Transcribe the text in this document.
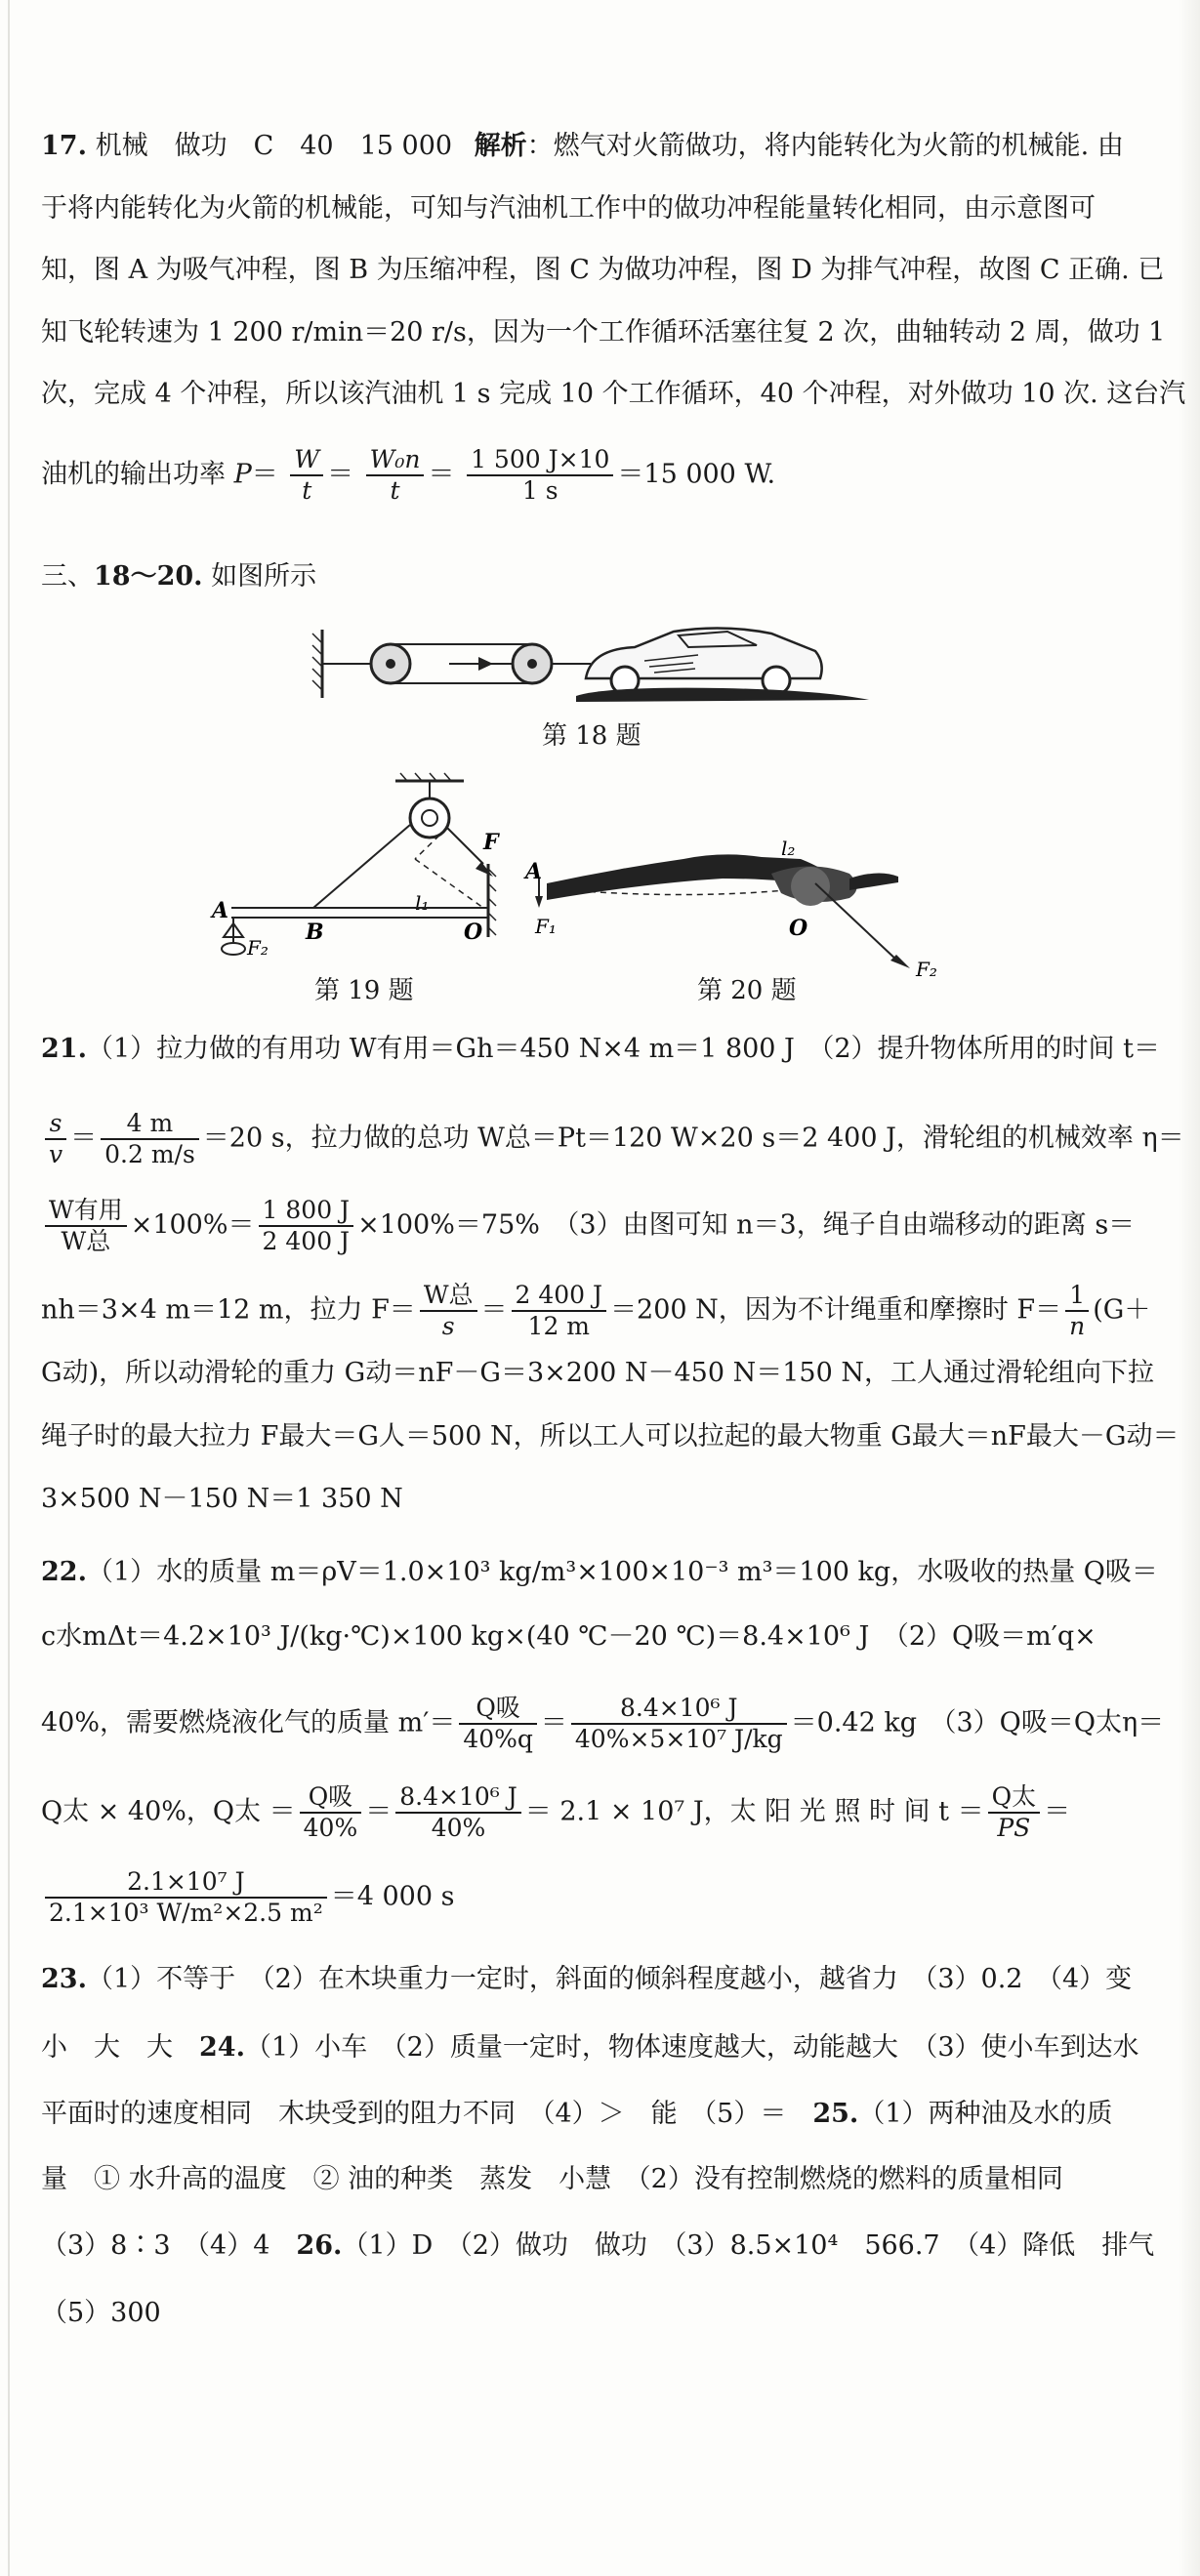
17. 机械　做功　C　40　15 000 解析：燃气对火箭做功，将内能转化为火箭的机械能. 由
于将内能转化为火箭的机械能，可知与汽油机工作中的做功冲程能量转化相同，由示意图可
知，图 A 为吸气冲程，图 B 为压缩冲程，图 C 为做功冲程，图 D 为排气冲程，故图 C 正确. 已
知飞轮转速为 1 200 r/min＝20 r/s，因为一个工作循环活塞往复 2 次，曲轴转动 2 周，做功 1
次，完成 4 个冲程，所以该汽油机 1 s 完成 10 个工作循环，40 个冲程，对外做功 10 次. 这台汽
油机的输出功率 $P= \frac{W}{t} = \frac{\text{W₀n}}{t} = \frac{1 500 J\times 10}{1 s} =15$ 000 W.
三、18～20. 如图所示
第 18 题
F
l₁
A
F₂
B	O
第 19 题
A
F₁
F₂
l₂
O
第 20 题
21.（1）拉力做的有用功 W有用＝Gh＝450 N×4 m＝1 800 J　（2）提升物体所用的时间 t＝
$\frac{s}{v} = \frac{4 m}{0.2 m/s} =20$ s，拉力做的总功 W总＝Pt＝120 W×20 s＝2 400 J，滑轮组的机械效率 η＝
$\frac{\text{W有用}}{\text{W总}} \times 100\%= \frac{1 800 J}{2 400 J} \times 100\%=75\%$　（3）由图可知 n＝3，绳子自由端移动的距离 s＝
nh＝3×4 m＝12 m，拉力 $F= \frac{\text{W总}}{s} = \frac{2 400 J}{12 m} =200$ N，因为不计绳重和摩擦时 $F= \frac{1}{n} (G+$
G动)，所以动滑轮的重力 G动＝nF－G＝3×200 N－450 N＝150 N，工人通过滑轮组向下拉
绳子时的最大拉力 F最大＝G人＝500 N，所以工人可以拉起的最大物重 G最大＝nF最大－G动＝
3×500 N－150 N＝1 350 N
22.（1）水的质量 m＝ρV＝1.0×10³ kg/m³×100×10⁻³ m³＝100 kg，水吸收的热量 Q吸＝
c水mΔt＝4.2×10³ J/(kg·℃)×100 kg×(40 ℃－20 ℃)＝8.4×10⁶ J　（2）Q吸＝m′q×
40%，需要燃烧液化气的质量 $m'= \frac{\text{Q吸}}{40\%q} = \frac{\text{8.4×10⁶ J}}{\text{40\%×5×10⁷ J/kg}} =0.42$ kg　（3）Q吸＝Q太η＝
Q太 × 40%，Q太 ＝ $\frac{\text{Q吸}}{40\%} = \frac{\text{8.4×10⁶ J}}{40\%} = 2.1 \times 10^7$ J，太 阳 光 照 时 间 $t = \frac{\text{Q太}}{PS}$ ＝
$\frac{\text{2.1×10⁷ J}}{\text{2.1×10³ W/m²×2.5 m²}} =4$ 000 s
23.（1）不等于　（2）在木块重力一定时，斜面的倾斜程度越小，越省力　（3）0.2　（4）变
小　大　大　24.（1）小车　（2）质量一定时，物体速度越大，动能越大　（3）使小车到达水
平面时的速度相同　木块受到的阻力不同　（4）＞　能　（5）＝　25.（1）两种油及水的质
量　① 水升高的温度　② 油的种类　蒸发　小慧　（2）没有控制燃烧的燃料的质量相同
（3）8∶3　（4）4　26.（1）D　（2）做功　做功　（3）8.5×10⁴　566.7　（4）降低　排气
（5）300
